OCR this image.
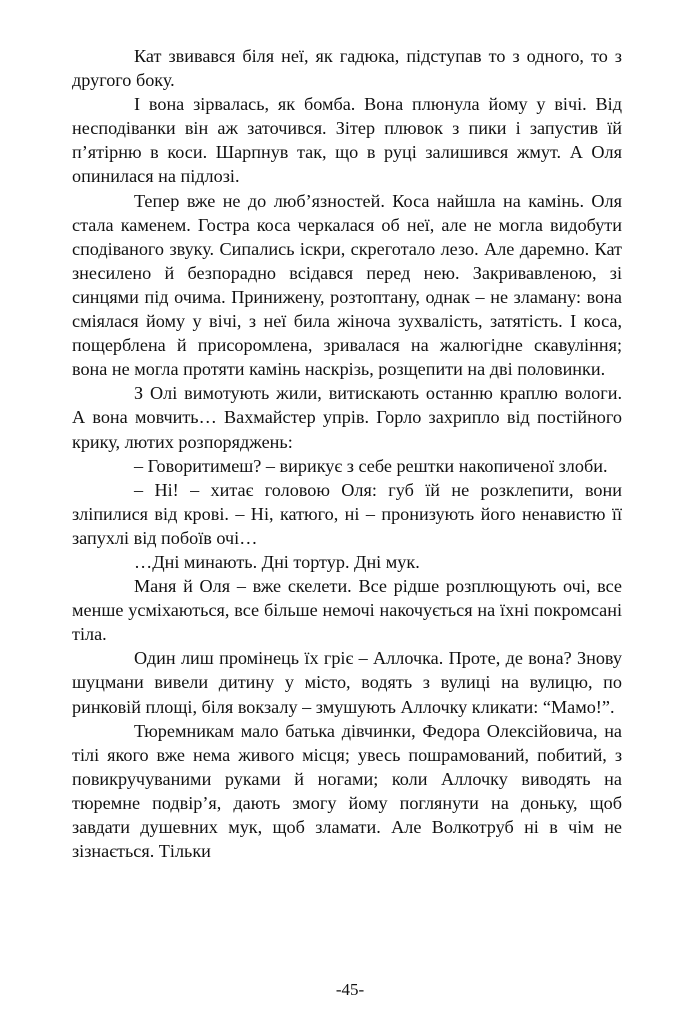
Кат звивався біля неї, як гадюка, підступав то з одного, то з другого боку.

І вона зірвалась, як бомба. Вона плюнула йому у вічі. Від несподіванки він аж заточився. Зітер плювок з пики і запустив їй п’ятірню в коси. Шарпнув так, що в руці залишився жмут. А Оля опинилася на підлозі.

Тепер вже не до люб’язностей. Коса найшла на камінь. Оля стала каменем. Гостра коса черкалася об неї, але не могла видобути сподіваного звуку. Сипались іскри, скреготало лезо. Але даремно. Кат знесилено й безпорадно всідався перед нею. Закривавленою, зі синцями під очима. Принижену, розтоптану, однак – не зламану: вона сміялася йому у вічі, з неї била жіноча зухвалість, затятість. І коса, пощерблена й присоромлена, зривалася на жалюгідне скавуління; вона не могла протяти камінь наскрізь, розщепити на дві половинки.

З Олі вимотують жили, витискають останню краплю вологи. А вона мовчить… Вахмайстер упрів. Горло захрипло від постійного крику, лютих розпоряджень:

– Говоритимеш? – вирикує з себе рештки накопиченої злоби.

– Ні! – хитає головою Оля: губ їй не розклепити, вони зліпилися від крові. – Ні, катюго, ні – пронизують його ненавистю її запухлі від побоїв очі…

…Дні минають. Дні тортур. Дні мук.

Маня й Оля – вже скелети. Все рідше розплющують очі, все менше усміхаються, все більше немочі накочується на їхні покромсані тіла.

Один лиш промінець їх гріє – Аллочка. Проте, де вона? Знову шуцмани вивели дитину у місто, водять з вулиці на вулицю, по ринковій площі, біля вокзалу – змушують Аллочку кликати: “Мамо!”.

Тюремникам мало батька дівчинки, Федора Олексійовича, на тілі якого вже нема живого місця; увесь пошрамований, побитий, з повикручуваними руками й ногами; коли Аллочку виводять на тюремне подвір’я, дають змогу йому поглянути на доньку, щоб завдати душевних мук, щоб зламати. Але Волкотруб ні в чім не зізнається. Тільки

-45-
